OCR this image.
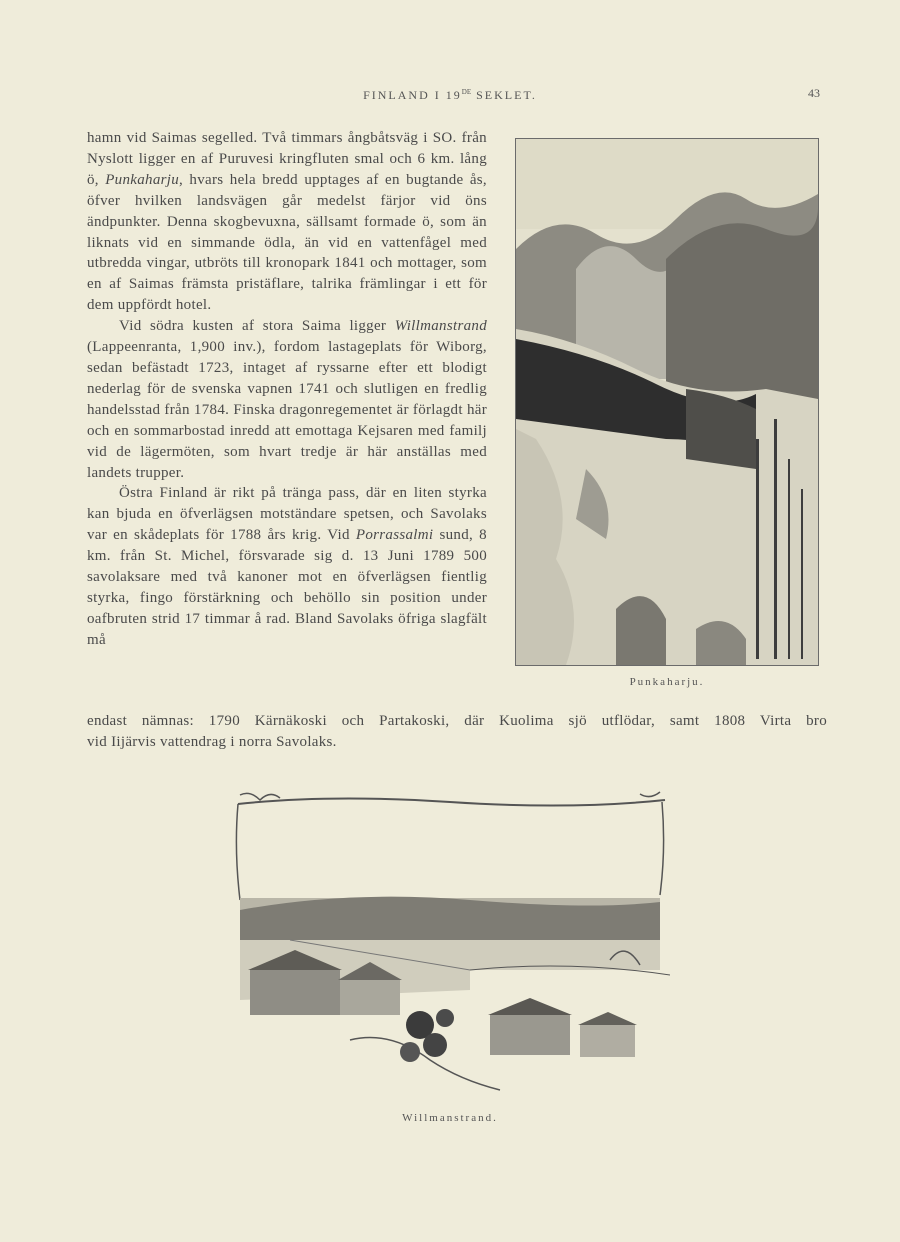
FINLAND I 19DE SEKLET.	43

hamn vid Saimas segelled. Två timmars ångbåtsväg i SO. från Nyslott ligger en af Puruvesi kringfluten smal och 6 km. lång ö, Punkaharju, hvars hela bredd upptages af en bugtande ås, öfver hvilken landsvägen går medelst färjor vid öns ändpunkter. Denna skogbevuxna, sällsamt formade ö, som än liknats vid en simmande ödla, än vid en vattenfågel med utbredda vingar, utbröts till kronopark 1841 och mottager, som en af Saimas främsta pristäflare, talrika främlingar i ett för dem uppfördt hotel.

Vid södra kusten af stora Saima ligger Willmanstrand (Lappeenranta, 1,900 inv.), fordom lastageplats för Wiborg, sedan befästadt 1723, intaget af ryssarne efter ett blodigt nederlag för de svenska vapnen 1741 och slutligen en fredlig handelsstad från 1784. Finska dragonregementet är förlagdt här och en sommarbostad inredd att emottaga Kejsaren med familj vid de lägermöten, som hvart tredje är här anställas med landets trupper.

Östra Finland är rikt på tränga pass, där en liten styrka kan bjuda en öfverlägsen motständare spetsen, och Savolaks var en skådeplats för 1788 års krig. Vid Porrassalmi sund, 8 km. från St. Michel, försvarade sig d. 13 Juni 1789 500 savolaksare med två kanoner mot en öfverlägsen fientlig styrka, fingo förstärkning och behöllo sin position under oafbruten strid 17 timmar å rad. Bland Savolaks öfriga slagfält må

endast nämnas: 1790 Kärnäkoski och Partakoski, där Kuolima sjö utflödar, samt 1808 Virta bro

vid Iijärvis vattendrag i norra Savolaks.

Punkaharju.
Willmanstrand.
